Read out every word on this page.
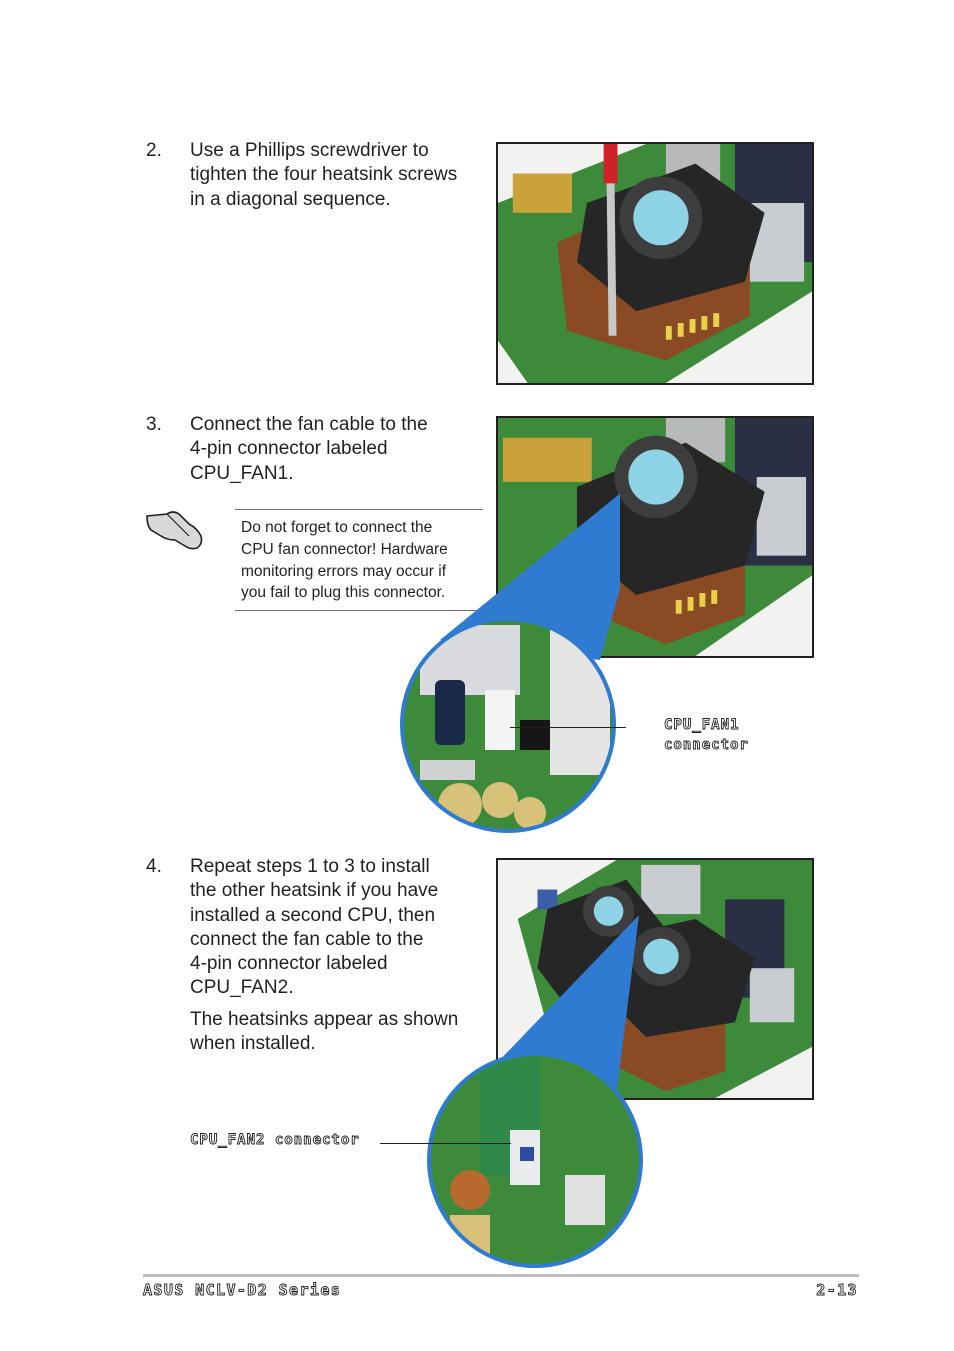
2. Use a Phillips screwdriver to
tighten the four heatsink screws
in a diagonal sequence.
3. Connect the fan cable to the
4-pin connector labeled
CPU_FAN1.
Do not forget to connect the
CPU fan connector! Hardware
monitoring errors may occur if
you fail to plug this connector.
CPU_FAN1
connector
4. Repeat steps 1 to 3 to install
the other heatsink if you have
installed a second CPU, then
connect the fan cable to the
4-pin connector labeled
CPU_FAN2.
The heatsinks appear as shown
when installed.
CPU_FAN2 connector
ASUS NCLV-D2 Series	2-13
